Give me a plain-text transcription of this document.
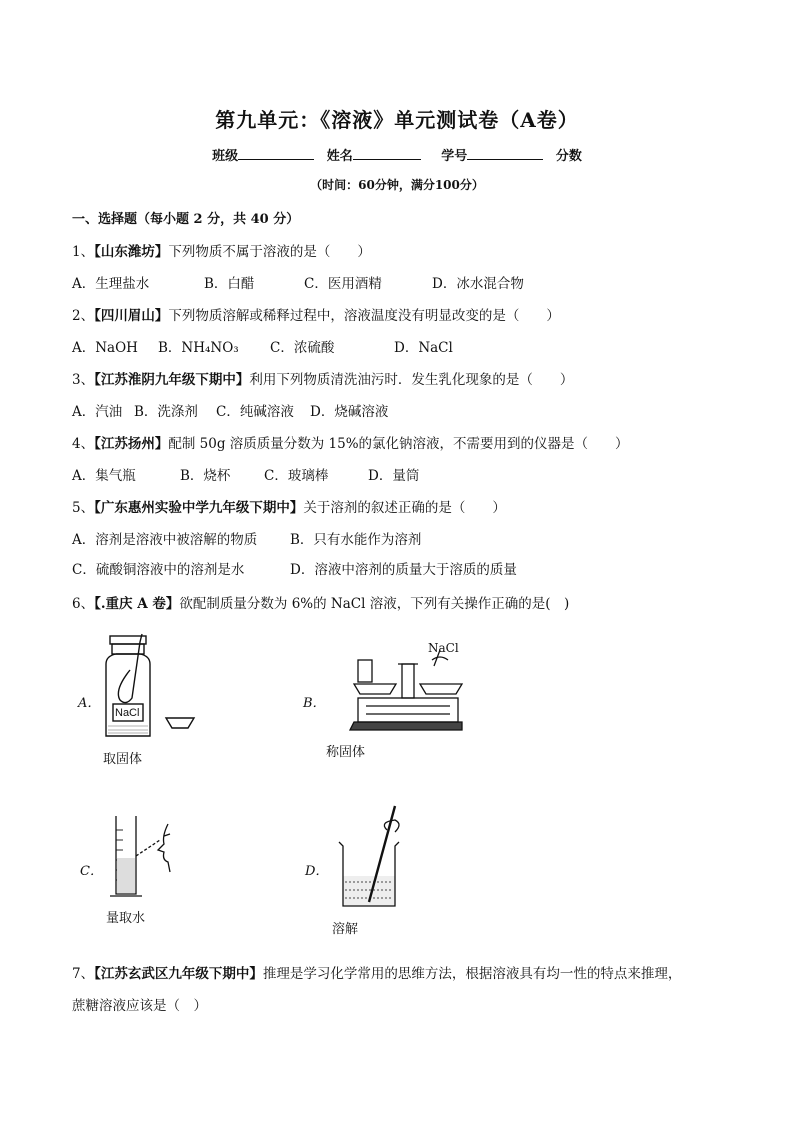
第九单元：《溶液》单元测试卷（A卷）
班级	姓名	学号	分数
（时间：60分钟，满分100分）
一、选择题（每小题 2 分，共 40 分）
1、【山东潍坊】下列物质不属于溶液的是（　　）
A．生理盐水	B．白醋	C．医用酒精	D．冰水混合物
2、【四川眉山】下列物质溶解或稀释过程中，溶液温度没有明显改变的是（　　）
A．NaOH B．NH₄NO₃ C．浓硫酸	D．NaCl
3、【江苏淮阴九年级下期中】利用下列物质清洗油污时．发生乳化现象的是（　　）
A．汽油 B．洗涤剂 C．纯碱溶液 D．烧碱溶液
4、【江苏扬州】配制 50g 溶质质量分数为 15%的氯化钠溶液，不需要用到的仪器是（　　）
A．集气瓶	B．烧杯 C．玻璃棒	D．量筒
5、【广东惠州实验中学九年级下期中】关于溶剂的叙述正确的是（　　）
A．溶剂是溶液中被溶解的物质 B．只有水能作为溶剂
C．硫酸铜溶液中的溶剂是水	D．溶液中溶剂的质量大于溶质的质量
6、【.重庆 A 卷】欲配制质量分数为 6%的 NaCl 溶液，下列有关操作正确的是(　)
A．
NaCl
取固体
B．
NaCl
称固体
C．
量取水
D．
溶解
7、【江苏玄武区九年级下期中】推理是学习化学常用的思维方法，根据溶液具有均一性的特点来推理，
蔗糖溶液应该是（　）
